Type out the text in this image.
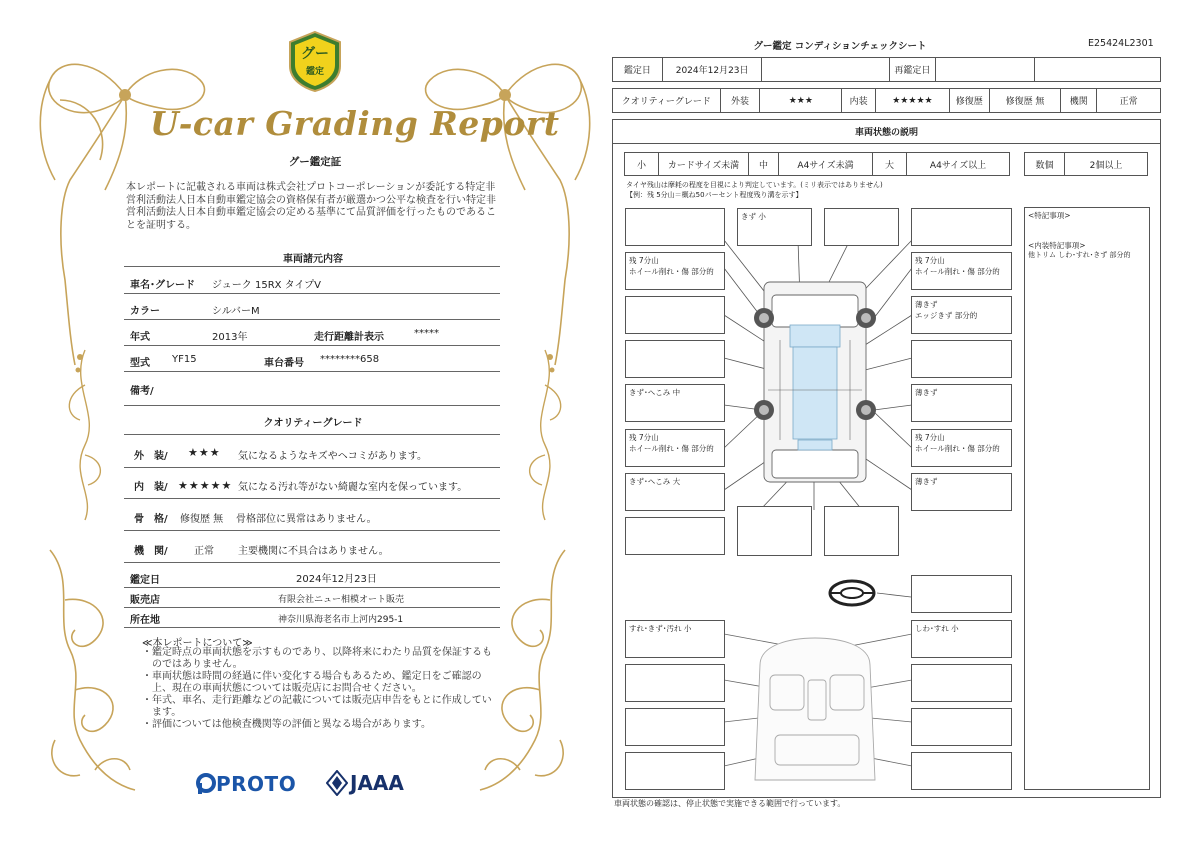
グー
鑑定
U-car Grading Report
グー鑑定証
本レポートに記載される車両は株式会社プロトコーポレーションが委託する特定非営利活動法人日本自動車鑑定協会の資格保有者が厳選かつ公平な検査を行い特定非営利活動法人日本自動車鑑定協会の定める基準にて品質評価を行ったものであることを証明する。
車両諸元内容
車名･グレード ジューク 15RX タイプV
カラー	シルバーM
年式	2013年	走行距離計表示	*****
型式 YF15	車台番号 ********658
備考/
クオリティーグレード
外　装/ ★★★ 気になるようなキズやヘコミがあります。
内　装/ ★★★★★ 気になる汚れ等がない綺麗な室内を保っています。
骨　格/ 修復歴 無 骨格部位に異常はありません。
機　関/	正常 主要機関に不具合はありません。
鑑定日	2024年12月23日
販売店	有限会社ニュー相模オート販売
所在地	神奈川県海老名市上河内295-1
≪本レポートについて≫
・鑑定時点の車両状態を示すものであり、以降将来にわたり品質を保証するものではありません。
・車両状態は時間の経過に伴い変化する場合もあるため、鑑定日をご確認の上、現在の車両状態については販売店にお問合せください。
・年式、車名、走行距離などの記載については販売店申告をもとに作成しています。
・評価については他検査機関等の評価と異なる場合があります。
PROTO	JAAA
グー鑑定 コンディションチェックシート	E25424L2301
鑑定日	2024年12月23日	再鑑定日
クオリティーグレード	外装	★★★	内装	★★★★★	修復歴	修復歴 無	機関	正常
車両状態の説明
小	カードサイズ未満	中	A4サイズ未満	大	A4サイズ以上	数個	2個以上
タイヤ残山は摩耗の程度を目視により判定しています。(ミリ表示ではありません)
【例：残 5分山＝概ね50パーセント程度残り溝を示す】
<特記事項>
<内装特記事項>
他トリム しわ･すれ･きず 部分的
きず 小
残 7分山
ホイール削れ・傷 部分的
残 7分山
ホイール削れ・傷 部分的
薄きず
エッジきず 部分的
きず･へこみ 中	薄きず
残 7分山
ホイール削れ・傷 部分的
残 7分山
ホイール削れ・傷 部分的
きず･へこみ 大	薄きず
すれ･きず･汚れ 小	しわ･すれ 小
車両状態の確認は、停止状態で実施できる範囲で行っています。
